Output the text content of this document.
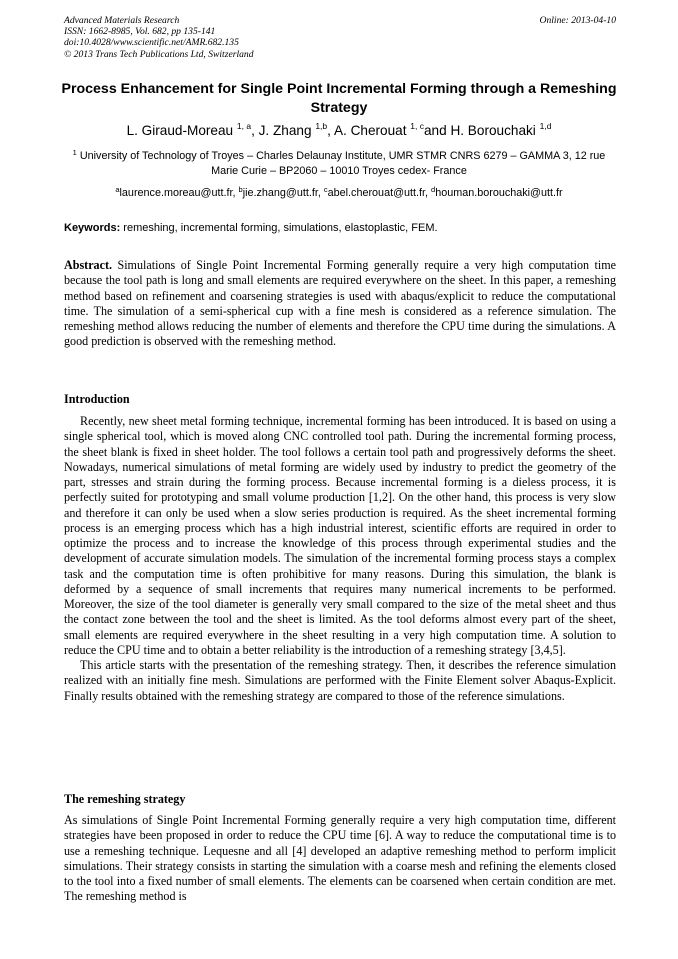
Advanced Materials Research
ISSN: 1662-8985, Vol. 682, pp 135-141
doi:10.4028/www.scientific.net/AMR.682.135
© 2013 Trans Tech Publications Ltd, Switzerland
Online: 2013-04-10
Process Enhancement for Single Point Incremental Forming through a Remeshing Strategy
L. Giraud-Moreau $^{1, a}$, J. Zhang $^{1,b}$, A. Cherouat $^{1, c}$and H. Borouchaki $^{1,d}$
$^1$ University of Technology of Troyes – Charles Delaunay Institute, UMR STMR CNRS 6279 – GAMMA 3, 12 rue Marie Curie – BP2060 – 10010 Troyes cedex- France
$^a$laurence.moreau@utt.fr, $^b$jie.zhang@utt.fr, $^c$abel.cherouat@utt.fr, $^d$houman.borouchaki@utt.fr
Keywords: remeshing, incremental forming, simulations, elastoplastic, FEM.

Abstract. Simulations of Single Point Incremental Forming generally require a very high computation time because the tool path is long and small elements are required everywhere on the sheet. In this paper, a remeshing method based on refinement and coarsening strategies is used with abaqus/explicit to reduce the computational time. The simulation of a semi-spherical cup with a fine mesh is considered as a reference simulation. The remeshing method allows reducing the number of elements and therefore the CPU time during the simulations. A good prediction is observed with the remeshing method.

Introduction

Recently, new sheet metal forming technique, incremental forming has been introduced. It is based on using a single spherical tool, which is moved along CNC controlled tool path. During the incremental forming process, the sheet blank is fixed in sheet holder. The tool follows a certain tool path and progressively deforms the sheet. Nowadays, numerical simulations of metal forming are widely used by industry to predict the geometry of the part, stresses and strain during the forming process. Because incremental forming is a dieless process, it is perfectly suited for prototyping and small volume production [1,2]. On the other hand, this process is very slow and therefore it can only be used when a slow series production is required. As the sheet incremental forming process is an emerging process which has a high industrial interest, scientific efforts are required in order to optimize the process and to increase the knowledge of this process through experimental studies and the development of accurate simulation models. The simulation of the incremental forming process stays a complex task and the computation time is often prohibitive for many reasons. During this simulation, the blank is deformed by a sequence of small increments that requires many numerical increments to be performed. Moreover, the size of the tool diameter is generally very small compared to the size of the metal sheet and thus the contact zone between the tool and the sheet is limited. As the tool deforms almost every part of the sheet, small elements are required everywhere in the sheet resulting in a very high computation time. A solution to reduce the CPU time and to obtain a better reliability is the introduction of a remeshing strategy [3,4,5].

This article starts with the presentation of the remeshing strategy. Then, it describes the reference simulation realized with an initially fine mesh. Simulations are performed with the Finite Element solver Abaqus-Explicit. Finally results obtained with the remeshing strategy are compared to those of the reference simulations.

The remeshing strategy

As simulations of Single Point Incremental Forming generally require a very high computation time, different strategies have been proposed in order to reduce the CPU time [6]. A way to reduce the computational time is to use a remeshing technique. Lequesne and all [4] developed an adaptive remeshing method to perform implicit simulations. Their strategy consists in starting the simulation with a coarse mesh and refining the elements closed to the tool into a fixed number of small elements. The elements can be coarsened when certain condition are met. The remeshing method is
